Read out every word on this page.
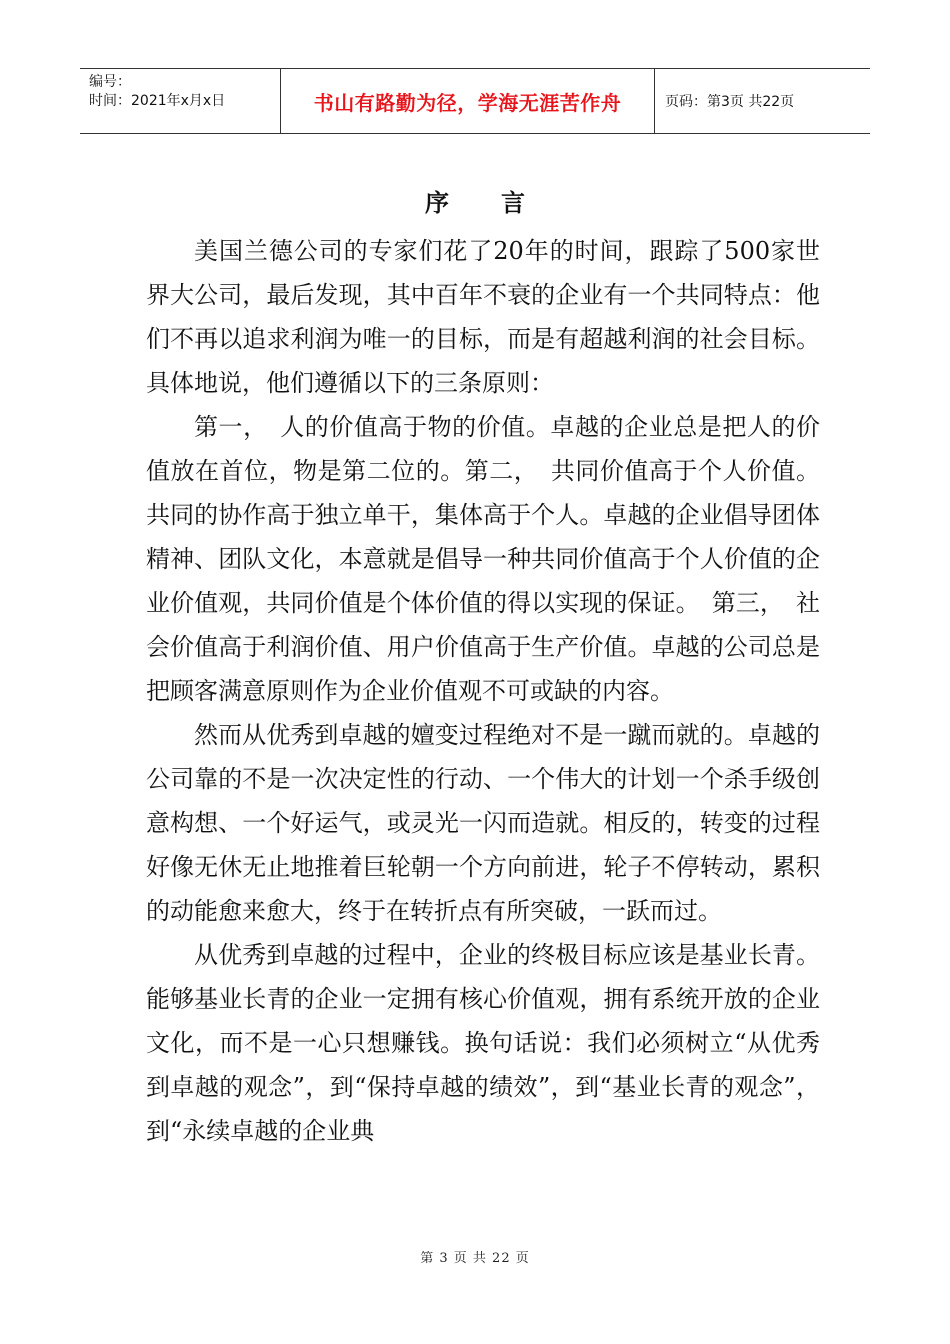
编号：
时间：2021年x月x日	书山有路勤为径，学海无涯苦作舟	页码：第3页 共22页
序言

美国兰德公司的专家们花了20年的时间，跟踪了500家世界大公司，最后发现，其中百年不衰的企业有一个共同特点：他们不再以追求利润为唯一的目标，而是有超越利润的社会目标。具体地说，他们遵循以下的三条原则：

第一，　人的价值高于物的价值。卓越的企业总是把人的价值放在首位，物是第二位的。第二，　共同价值高于个人价值。共同的协作高于独立单干，集体高于个人。卓越的企业倡导团体精神、团队文化，本意就是倡导一种共同价值高于个人价值的企业价值观，共同价值是个体价值的得以实现的保证。　第三，　社会价值高于利润价值、用户价值高于生产价值。卓越的公司总是把顾客满意原则作为企业价值观不可或缺的内容。

然而从优秀到卓越的嬗变过程绝对不是一蹴而就的。卓越的公司靠的不是一次决定性的行动、一个伟大的计划一个杀手级创意构想、一个好运气，或灵光一闪而造就。相反的，转变的过程好像无休无止地推着巨轮朝一个方向前进，轮子不停转动，累积的动能愈来愈大，终于在转折点有所突破，一跃而过。

从优秀到卓越的过程中，企业的终极目标应该是基业长青。能够基业长青的企业一定拥有核心价值观，拥有系统开放的企业文化，而不是一心只想赚钱。换句话说：我们必须树立“从优秀到卓越的观念”，到“保持卓越的绩效”，到“基业长青的观念”，到“永续卓越的企业典

第 3 页 共 22 页
